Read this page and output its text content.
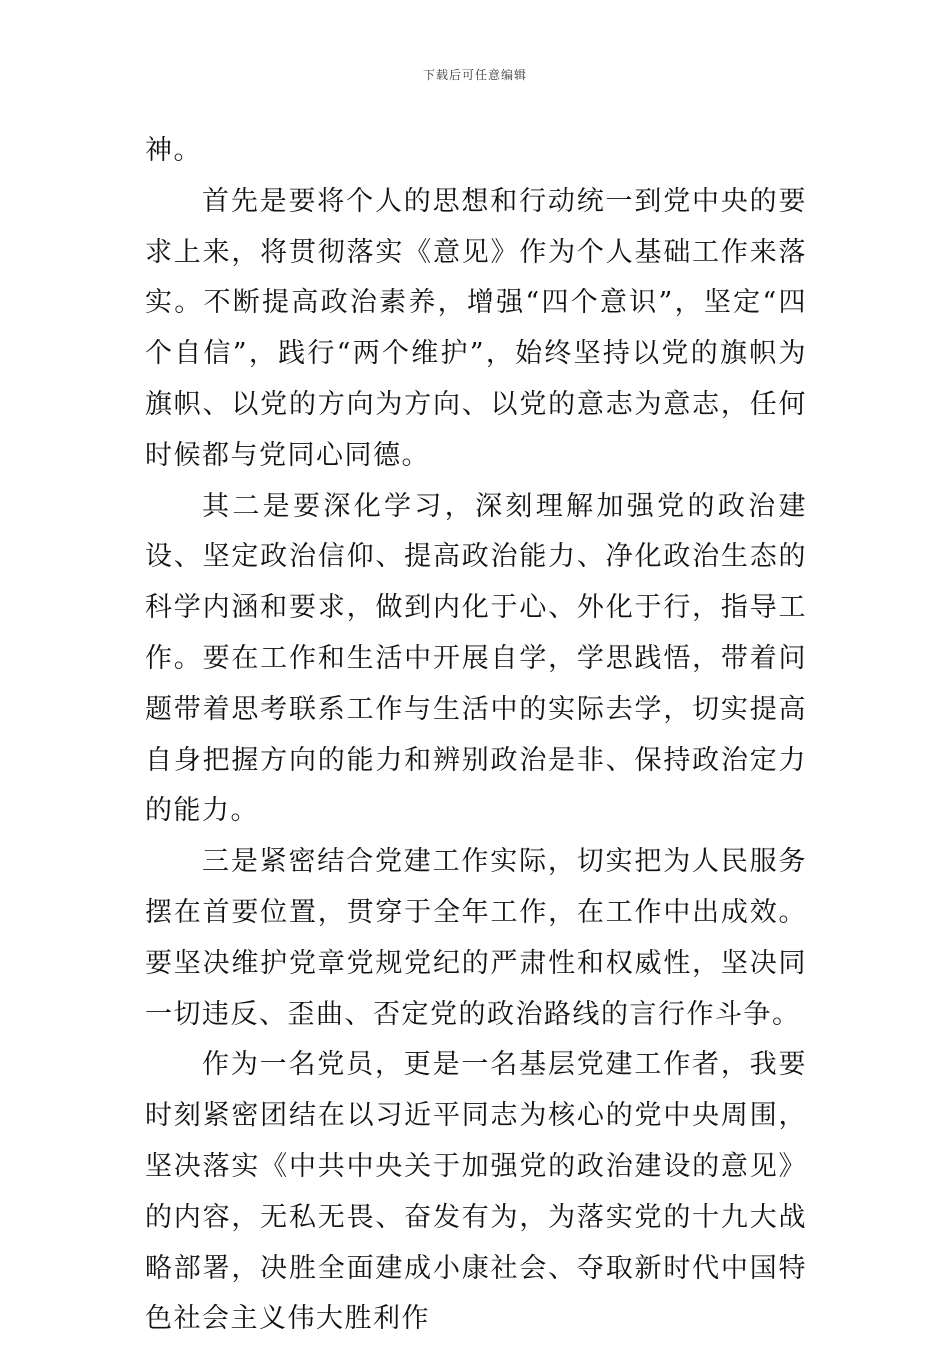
下载后可任意编辑

神。

首先是要将个人的思想和行动统一到党中央的要求上来，将贯彻落实《意见》作为个人基础工作来落实。不断提高政治素养，增强“四个意识”，坚定“四个自信”，践行“两个维护”，始终坚持以党的旗帜为旗帜、以党的方向为方向、以党的意志为意志，任何时候都与党同心同德。

其二是要深化学习，深刻理解加强党的政治建设、坚定政治信仰、提高政治能力、净化政治生态的科学内涵和要求，做到内化于心、外化于行，指导工作。要在工作和生活中开展自学，学思践悟，带着问题带着思考联系工作与生活中的实际去学，切实提高自身把握方向的能力和辨别政治是非、保持政治定力的能力。

三是紧密结合党建工作实际，切实把为人民服务摆在首要位置，贯穿于全年工作，在工作中出成效。要坚决维护党章党规党纪的严肃性和权威性，坚决同一切违反、歪曲、否定党的政治路线的言行作斗争。

作为一名党员，更是一名基层党建工作者，我要时刻紧密团结在以习近平同志为核心的党中央周围，坚决落实《中共中央关于加强党的政治建设的意见》的内容，无私无畏、奋发有为，为落实党的十九大战略部署，决胜全面建成小康社会、夺取新时代中国特色社会主义伟大胜利作
